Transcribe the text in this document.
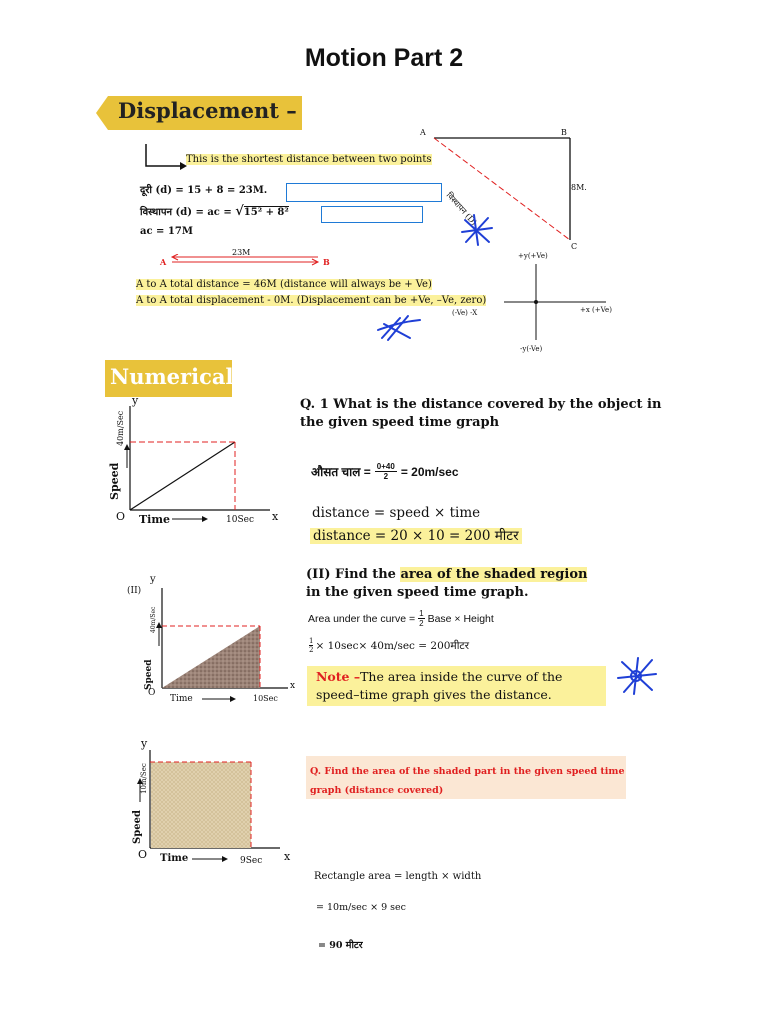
Motion Part 2
Displacement –
This is the shortest distance between two points
दूरी (d) = 15 + 8 = 23M.
विस्थापन (d) = ac = √15² + 8²
ac = 17M
23M
A	B
A to A total distance = 46M (distance will always be + Ve)
A to A total displacement - 0M. (Displacement can be +Ve, –Ve, zero)
A	B
C
8M.
विस्थापन (D)
+y(+Ve)
-y(-Ve)
+x (+Ve)
(-Ve) -X
Numerical
y
O	x
Time	10Sec
Speed
40m/Sec
Q. 1 What is the distance covered by the object in
the given speed time graph
औसत चाल = $\frac{0+40}{2} = 20m/\sec$
distance = speed × time
distance = 20 × 10 = 200 मीटर
(II)
y
O
x
Time	10Sec
Speed
40m/Sec
(II) Find the area of the shaded region
in the given speed time graph.
Area under the curve = $\frac{1}{2}$ Base × Height
$\frac{1}{2} \times 10\sec\times 40m/\sec$ = 200मीटर
Note –The area inside the curve of the
speed–time graph gives the distance.
y
O	x
Time	9Sec
Speed
10m/Sec	Q. Find the area of the shaded part in the given speed time
graph (distance covered)
Rectangle area = length × width
= 10m/sec × 9 sec
= 90 मीटर
